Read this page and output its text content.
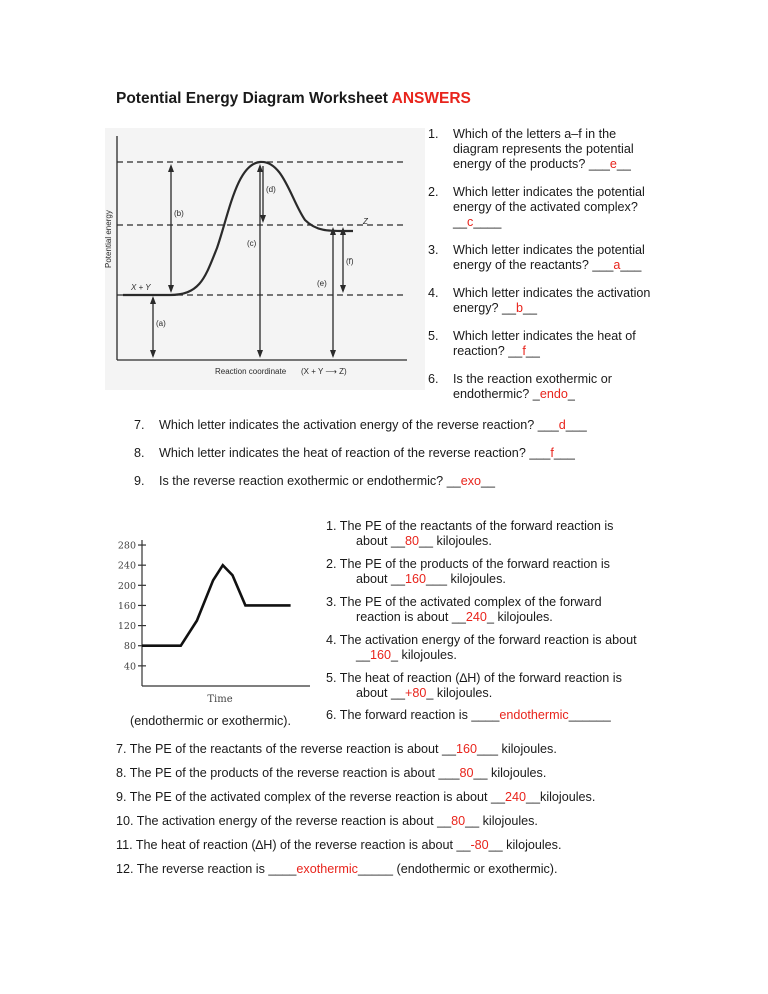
Potential Energy Diagram Worksheet ANSWERS
Potential energy
Reaction coordinate (X + Y ⟶ Z)
X + Y
Z
(a)
(b)
(c)
(d)
(e)
(f)
1. Which of the letters a–f in the
diagram represents the potential
energy of the products? ___e__
2. Which letter indicates the potential
energy of the activated complex?
__c____
3. Which letter indicates the potential
energy of the reactants? ___a___
4. Which letter indicates the activation
energy? __b__
5. Which letter indicates the heat of
reaction? __f__
6. Is the reaction exothermic or
endothermic? _endo_
7. Which letter indicates the activation energy of the reverse reaction? ___d___
8. Which letter indicates the heat of reaction of the reverse reaction? ___f___
9. Is the reverse reaction exothermic or endothermic? __exo__
40
80
120
160
200
240
280
Time
1. The PE of the reactants of the forward reaction is
about __80__ kilojoules.
2. The PE of the products of the forward reaction is
about __160___ kilojoules.
3. The PE of the activated complex of the forward
reaction is about __240_ kilojoules.
4. The activation energy of the forward reaction is about
__160_ kilojoules.
5. The heat of reaction (∆H) of the forward reaction is
about __+80_ kilojoules.
6. The forward reaction is ____endothermic______
7. The PE of the reactants of the reverse reaction is about __160___ kilojoules.
8. The PE of the products of the reverse reaction is about ___80__ kilojoules.
9. The PE of the activated complex of the reverse reaction is about __240__kilojoules.
10. The activation energy of the reverse reaction is about __80__ kilojoules.
11. The heat of reaction (∆H) of the reverse reaction is about __-80__ kilojoules.
12. The reverse reaction is ____exothermic_____ (endothermic or exothermic).
(endothermic or exothermic).
